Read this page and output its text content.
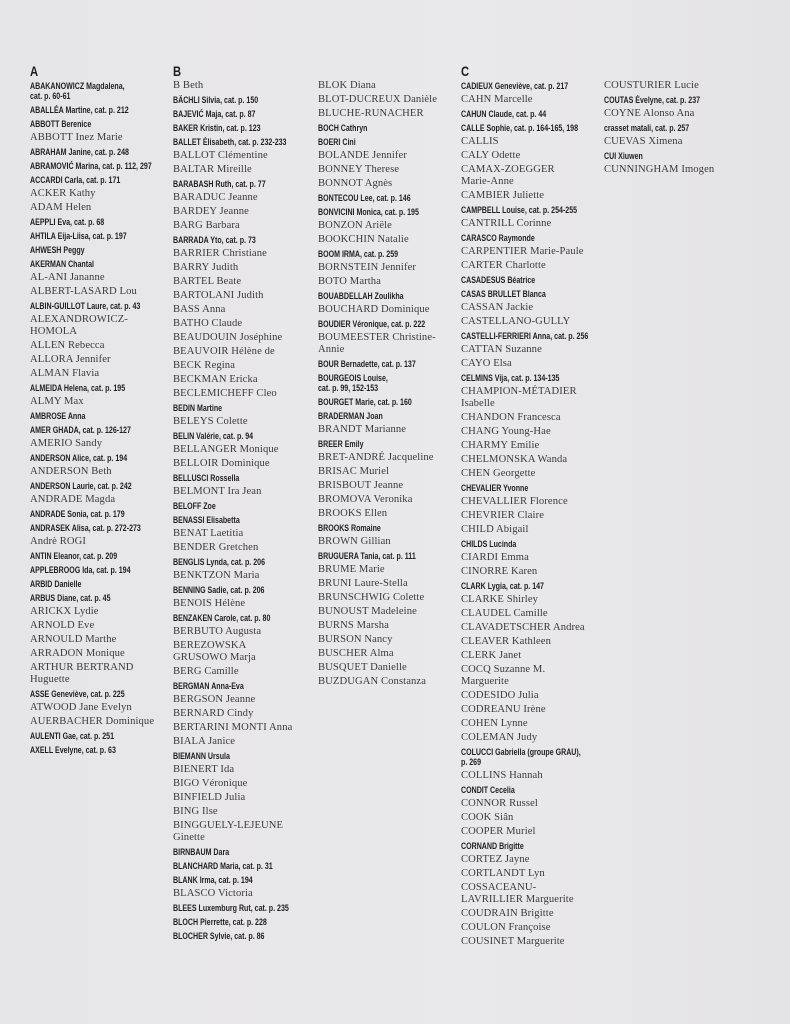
A
ABAKANOWICZ Magdalena,
cat. p. 60-61
ABALLÉA Martine, cat. p. 212
ABBOTT Berenice
ABBOTT Inez Marie
ABRAHAM Janine, cat. p. 248
ABRAMOVIĆ Marina, cat. p. 112, 297
ACCARDI Carla, cat. p. 171
ACKER Kathy
ADAM Helen
AEPPLI Eva, cat. p. 68
AHTILA Eija-Liisa, cat. p. 197
AHWESH Peggy
AKERMAN Chantal
AL-ANI Jananne
ALBERT-LASARD Lou
ALBIN-GUILLOT Laure, cat. p. 43
ALEXANDROWICZ-
HOMOLA
ALLEN Rebecca
ALLORA Jennifer
ALMAN Flavia
ALMEIDA Helena, cat. p. 195
ALMY Max
AMBROSE Anna
AMER GHADA, cat. p. 126-127
AMERIO Sandy
ANDERSON Alice, cat. p. 194
ANDERSON Beth
ANDERSON Laurie, cat. p. 242
ANDRADE Magda
ANDRADE Sonia, cat. p. 179
ANDRASEK Alisa, cat. p. 272-273
Andrè ROGI
ANTIN Eleanor, cat. p. 209
APPLEBROOG Ida, cat. p. 194
ARBID Danielle
ARBUS Diane, cat. p. 45
ARICKX Lydie
ARNOLD Eve
ARNOULD Marthe
ARRADON Monique
ARTHUR BERTRAND
Huguette
ASSE Geneviève, cat. p. 225
ATWOOD Jane Evelyn
AUERBACHER Dominique
AULENTI Gae, cat. p. 251
AXELL Evelyne, cat. p. 63
B
B Beth
BÄCHLI Silvia, cat. p. 150
BAJEVIĆ Maja, cat. p. 87
BAKER Kristin, cat. p. 123
BALLET Élisabeth, cat. p. 232-233
BALLOT Clémentine
BALTAR Mireille
BARABASH Ruth, cat. p. 77
BARADUC Jeanne
BARDEY Jeanne
BARG Barbara
BARRADA Yto, cat. p. 73
BARRIER Christiane
BARRY Judith
BARTEL Beate
BARTOLANI Judith
BASS Anna
BATHO Claude
BEAUDOUIN Joséphine
BEAUVOIR Hélène de
BECK Regina
BECKMAN Ericka
BECLEMICHEFF Cleo
BEDIN Martine
BELEYS Colette
BELIN Valérie, cat. p. 94
BELLANGER Monique
BELLOIR Dominique
BELLUSCI Rossella
BELMONT Ira Jean
BELOFF Zoe
BENASSI Elisabetta
BENAT Laetitia
BENDER Gretchen
BENGLIS Lynda, cat. p. 206
BENKTZON Maria
BENNING Sadie, cat. p. 206
BENOIS Hélène
BENZAKEN Carole, cat. p. 80
BERBUTO Augusta
BEREZOWSKA
GRUSOWO Marja
BERG Camille
BERGMAN Anna-Eva
BERGSON Jeanne
BERNARD Cindy
BERTARINI MONTI Anna
BIALA Janice
BIEMANN Ursula
BIENERT Ida
BIGO Véronique
BINFIELD Julia
BING Ilse
BINGGUELY-LEJEUNE
Ginette
BIRNBAUM Dara
BLANCHARD Maria, cat. p. 31
BLANK Irma, cat. p. 194
BLASCO Victoria
BLEES Luxemburg Rut, cat. p. 235
BLOCH Pierrette, cat. p. 228
BLOCHER Sylvie, cat. p. 86
BLOK Diana
BLOT-DUCREUX Danièle
BLUCHE-RUNACHER
BOCH Cathryn
BOERI Cini
BOLANDE Jennifer
BONNEY Therese
BONNOT Agnès
BONTECOU Lee, cat. p. 146
BONVICINI Monica, cat. p. 195
BONZON Ariële
BOOKCHIN Natalie
BOOM IRMA, cat. p. 259
BORNSTEIN Jennifer
BOTO Martha
BOUABDELLAH Zoulikha
BOUCHARD Dominique
BOUDIER Véronique, cat. p. 222
BOUMEESTER Christine-
Annie
BOUR Bernadette, cat. p. 137
BOURGEOIS Louise,
cat. p. 99, 152-153
BOURGET Marie, cat. p. 160
BRADERMAN Joan
BRANDT Marianne
BREER Emily
BRET-ANDRÉ Jacqueline
BRISAC Muriel
BRISBOUT Jeanne
BROMOVA Veronika
BROOKS Ellen
BROOKS Romaine
BROWN Gillian
BRUGUERA Tania, cat. p. 111
BRUME Marie
BRUNI Laure-Stella
BRUNSCHWIG Colette
BUNOUST Madeleine
BURNS Marsha
BURSON Nancy
BUSCHER Alma
BUSQUET Danielle
BUZDUGAN Constanza
C
CADIEUX Geneviève, cat. p. 217
CAHN Marcelle
CAHUN Claude, cat. p. 44
CALLE Sophie, cat. p. 164-165, 198
CALLIS
CALY Odette
CAMAX-ZOEGGER
Marie-Anne
CAMBIER Juliette
CAMPBELL Louise, cat. p. 254-255
CANTRILL Corinne
CARASCO Raymonde
CARPENTIER Marie-Paule
CARTER Charlotte
CASADESUS Béatrice
CASAS BRULLET Blanca
CASSAN Jackie
CASTELLANO-GULLY
CASTELLI-FERRIERI Anna, cat. p. 256
CATTAN Suzanne
CAYO Elsa
CELMINS Vija, cat. p. 134-135
CHAMPION-MÉTADIER
Isabelle
CHANDON Francesca
CHANG Young-Hae
CHARMY Emilie
CHELMONSKA Wanda
CHEN Georgette
CHEVALIER Yvonne
CHEVALLIER Florence
CHEVRIER Claire
CHILD Abigail
CHILDS Lucinda
CIARDI Emma
CINORRE Karen
CLARK Lygia, cat. p. 147
CLARKE Shirley
CLAUDEL Camille
CLAVADETSCHER Andrea
CLEAVER Kathleen
CLERK Janet
COCQ Suzanne M.
Marguerite
CODESIDO Julia
CODREANU Irène
COHEN Lynne
COLEMAN Judy
COLUCCI Gabriella (groupe GRAU),
p. 269
COLLINS Hannah
CONDIT Cecelia
CONNOR Russel
COOK Siân
COOPER Muriel
CORNAND Brigitte
CORTEZ Jayne
CORTLANDT Lyn
COSSACEANU-
LAVRILLIER Marguerite
COUDRAIN Brigitte
COULON Françoise
COUSINET Marguerite
COUSTURIER Lucie
COUTAS Évelyne, cat. p. 237
COYNE Alonso Ana
crasset matali, cat. p. 257
CUEVAS Ximena
CUI Xiuwen
CUNNINGHAM Imogen
